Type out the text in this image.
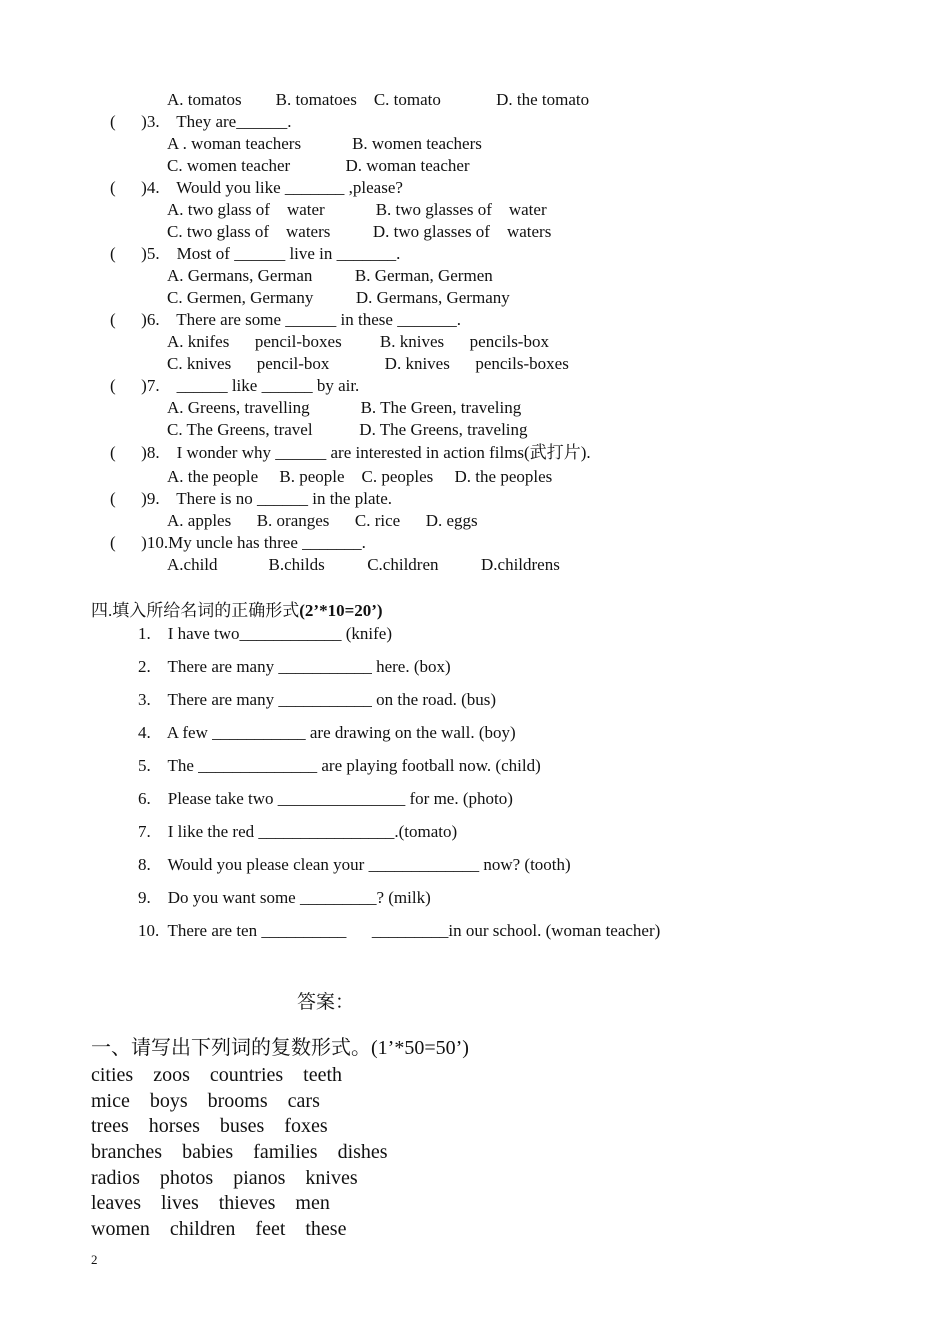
A. tomatos        B. tomatoes    C. tomato             D. the tomato
(      )3.    They are______.
A . woman teachers            B. women teachers
C. women teacher             D. woman teacher
(      )4.    Would you like _______ ,please?
A. two glass of    water            B. two glasses of    water
C. two glass of    waters          D. two glasses of    waters
(      )5.    Most of ______ live in _______.
A. Germans, German          B. German, Germen
C. Germen, Germany          D. Germans, Germany
(      )6.    There are some ______ in these _______.
A. knifes      pencil-boxes         B. knives      pencils-box
C. knives      pencil-box             D. knives      pencils-boxes
(      )7.    ______ like ______ by air.
A. Greens, travelling            B. The Green, traveling
C. The Greens, travel           D. The Greens, traveling
(      )8.    I wonder why ______ are interested in action films(武打片).
A. the people     B. people    C. peoples     D. the peoples
(      )9.    There is no ______ in the plate.
A. apples      B. oranges      C. rice      D. eggs
(      )10.My uncle has three _______.
A.child            B.childs          C.children          D.childrens
四.填入所给名词的正确形式(2’*10=20’)
1.    I have two____________ (knife)
2.    There are many ___________ here. (box)
3.    There are many ___________ on the road. (bus)
4.    A few ___________ are drawing on the wall. (boy)
5.    The ______________ are playing football now. (child)
6.    Please take two _______________ for me. (photo)
7.    I like the red ________________.(tomato)
8.    Would you please clean your _____________ now? (tooth)
9.    Do you want some _________? (milk)
10.  There are ten __________      _________in our school. (woman teacher)
答案：
一、请写出下列词的复数形式。(1’*50=50’)
cities    zoos    countries    teeth
mice    boys    brooms    cars
trees    horses    buses    foxes
branches    babies    families    dishes
radios    photos    pianos    knives
leaves    lives    thieves    men
women    children    feet    these
2
